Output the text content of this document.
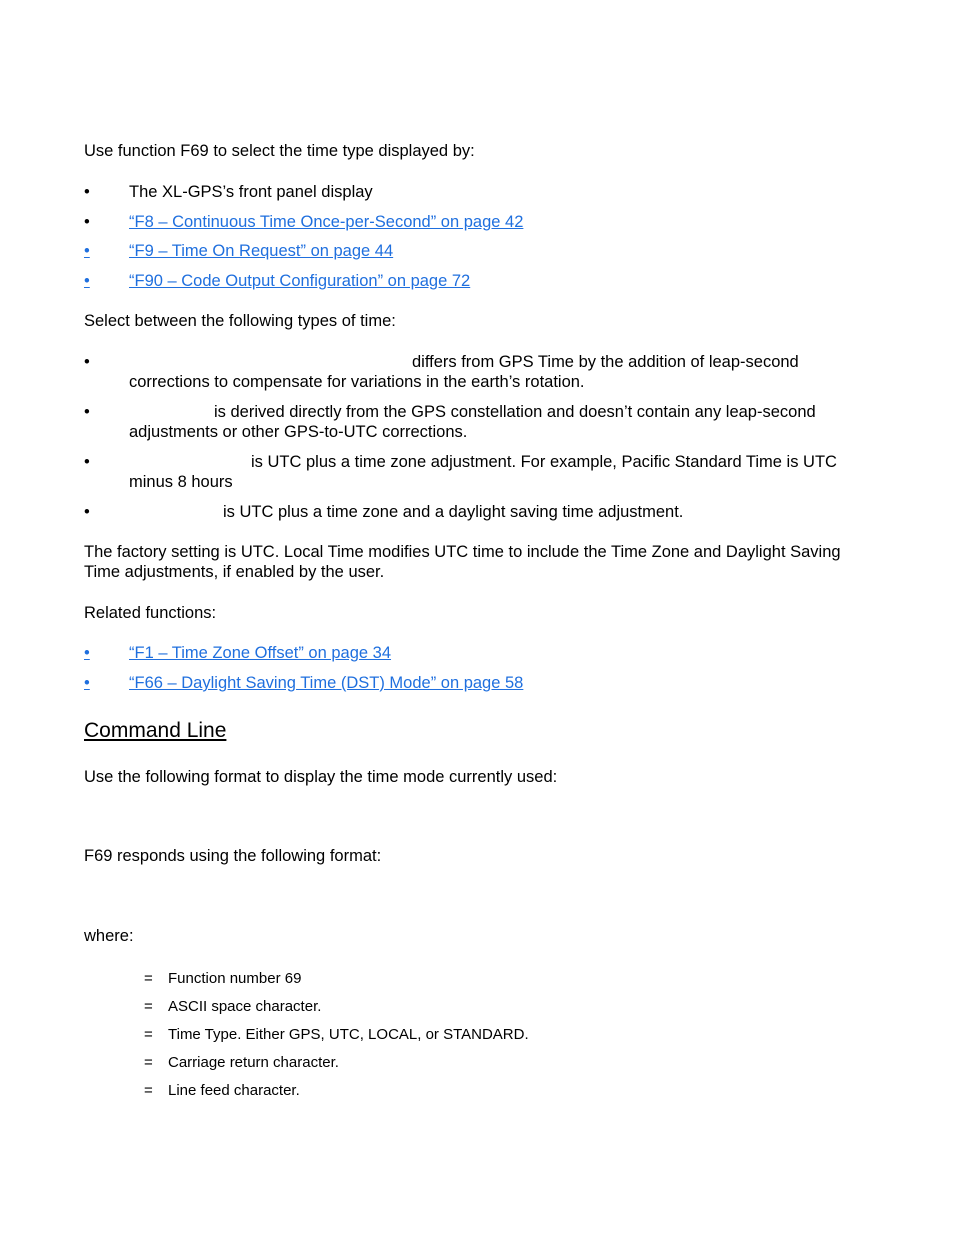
Use function F69 to select the time type displayed by:
• The XL-GPS’s front panel display
• “F8 – Continuous Time Once-per-Second” on page 42
• “F9 – Time On Request” on page 44
• “F90 – Code Output Configuration” on page 72
Select between the following types of time:
•	differs from GPS Time by the addition of leap-second
corrections to compensate for variations in the earth’s rotation.
•	is derived directly from the GPS constellation and doesn’t contain any leap-second
adjustments or other GPS-to-UTC corrections.
•	is UTC plus a time zone adjustment. For example, Pacific Standard Time is UTC
minus 8 hours
•	is UTC plus a time zone and a daylight saving time adjustment.
The factory setting is UTC. Local Time modifies UTC time to include the Time Zone and Daylight Saving
Time adjustments, if enabled by the user.
Related functions:
• “F1 – Time Zone Offset” on page 34
• “F66 – Daylight Saving Time (DST) Mode” on page 58
Command Line
Use the following format to display the time mode currently used:
F69 responds using the following format:
where:
= Function number 69
= ASCII space character.
= Time Type. Either GPS, UTC, LOCAL, or STANDARD.
= Carriage return character.
= Line feed character.
